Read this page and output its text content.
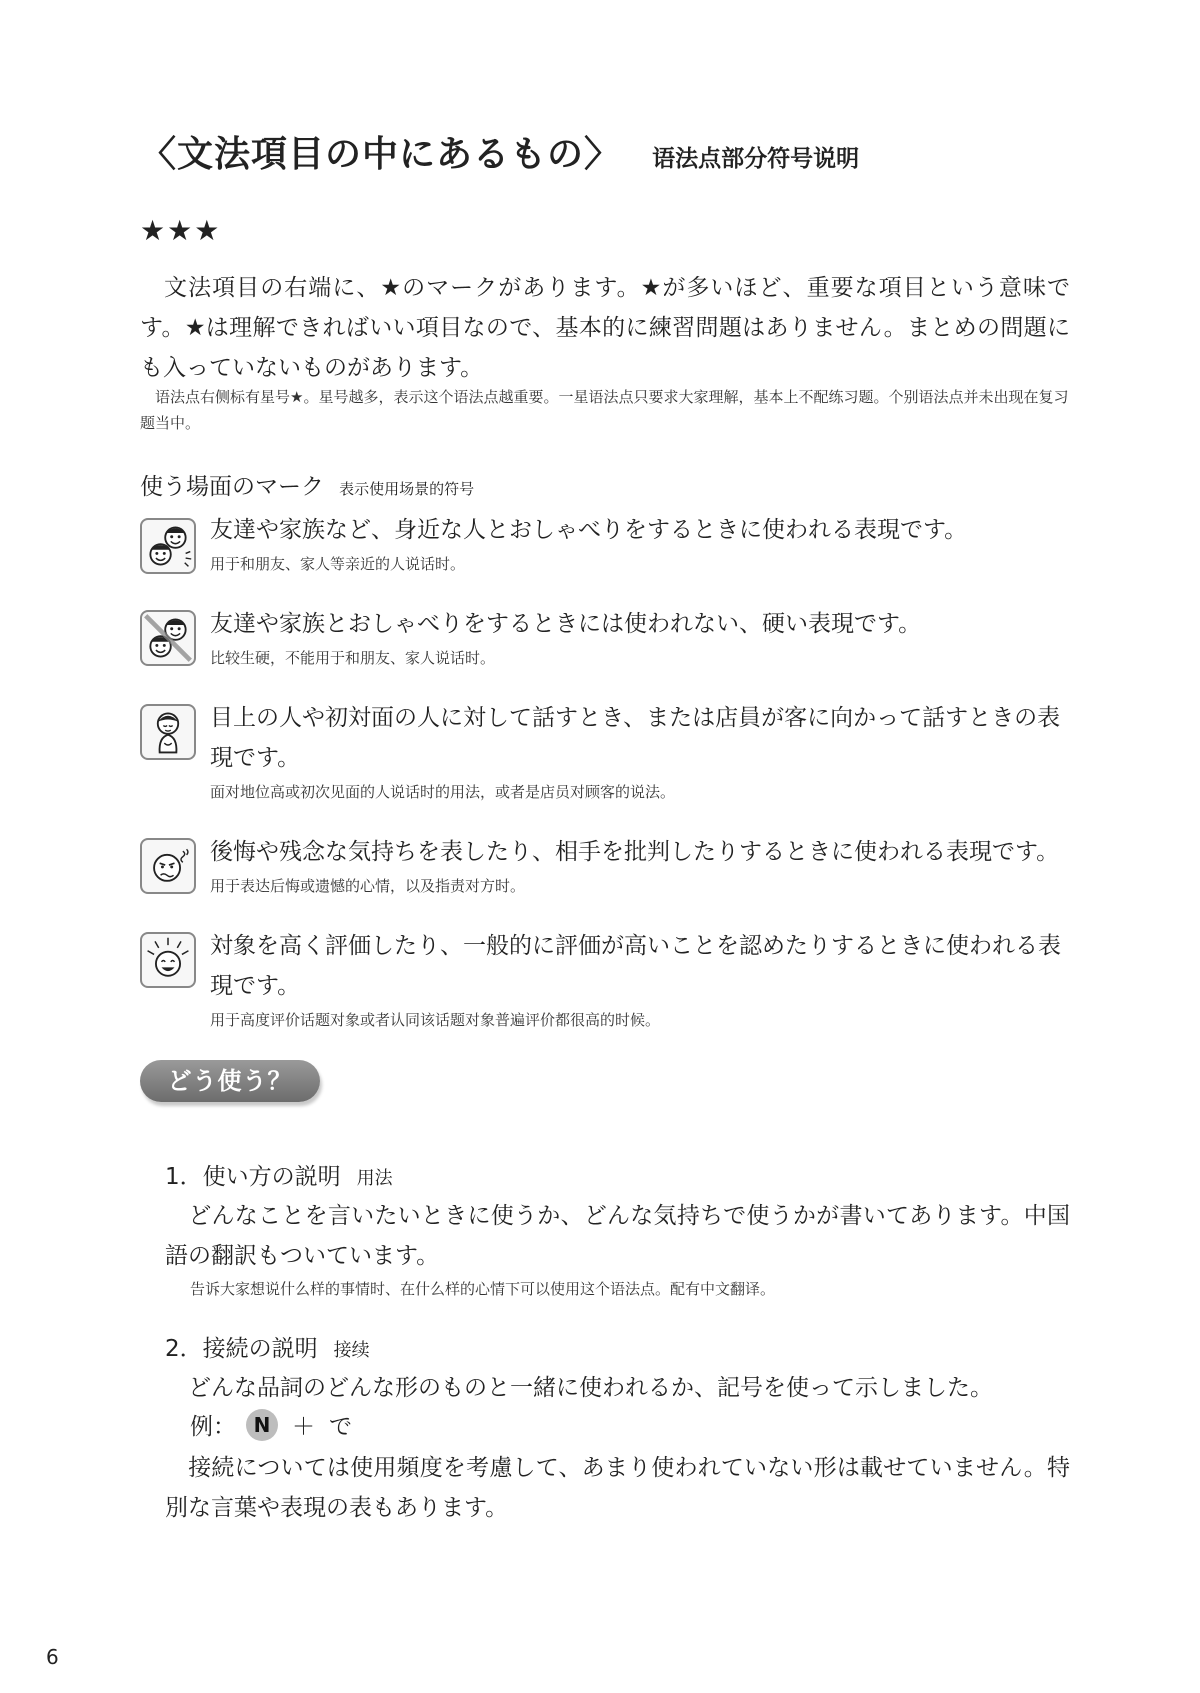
〈文法項目の中にあるもの〉 语法点部分符号说明
★★★
　文法項目の右端に、★のマークがあります。★が多いほど、重要な項目という意味です。★は理解できればいい項目なので、基本的に練習問題はありません。まとめの問題にも入っていないものがあります。
　语法点右侧标有星号★。星号越多，表示这个语法点越重要。一星语法点只要求大家理解，基本上不配练习题。个别语法点并未出现在复习题当中。
使う場面のマーク 表示使用场景的符号
友達や家族など、身近な人とおしゃべりをするときに使われる表現です。
用于和朋友、家人等亲近的人说话时。
友達や家族とおしゃべりをするときには使われない、硬い表現です。
比较生硬，不能用于和朋友、家人说话时。
目上の人や初対面の人に対して話すとき、または店員が客に向かって話すときの表現です。
面对地位高或初次见面的人说话时的用法，或者是店员对顾客的说法。
後悔や残念な気持ちを表したり、相手を批判したりするときに使われる表現です。
用于表达后悔或遗憾的心情，以及指责对方时。
対象を高く評価したり、一般的に評価が高いことを認めたりするときに使われる表現です。
用于高度评价话题对象或者认同该话题对象普遍评价都很高的时候。
どう使う？
1．使い方の説明 用法
　どんなことを言いたいときに使うか、どんな気持ちで使うかが書いてあります。中国語の翻訳もついています。
告诉大家想说什么样的事情时、在什么样的心情下可以使用这个语法点。配有中文翻译。
2．接続の説明 接续
　どんな品詞のどんな形のものと一緒に使われるか、記号を使って示しました。
例： N ＋ で
　接続については使用頻度を考慮して、あまり使われていない形は載せていません。特別な言葉や表現の表もあります。
6
